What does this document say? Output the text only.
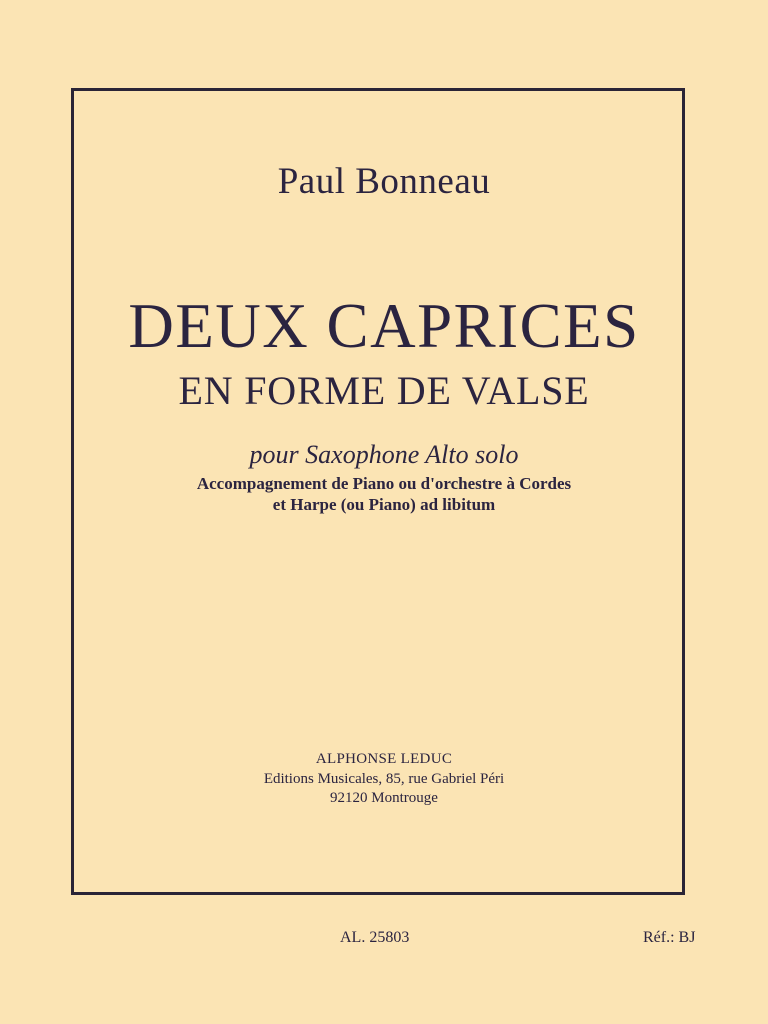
Paul Bonneau
DEUX CAPRICES
EN FORME DE VALSE
pour Saxophone Alto solo
Accompagnement de Piano ou d'orchestre à Cordes
et Harpe (ou Piano) ad libitum
ALPHONSE LEDUC
Editions Musicales, 85, rue Gabriel Péri
92120 Montrouge
AL. 25803	Réf.: BJ
